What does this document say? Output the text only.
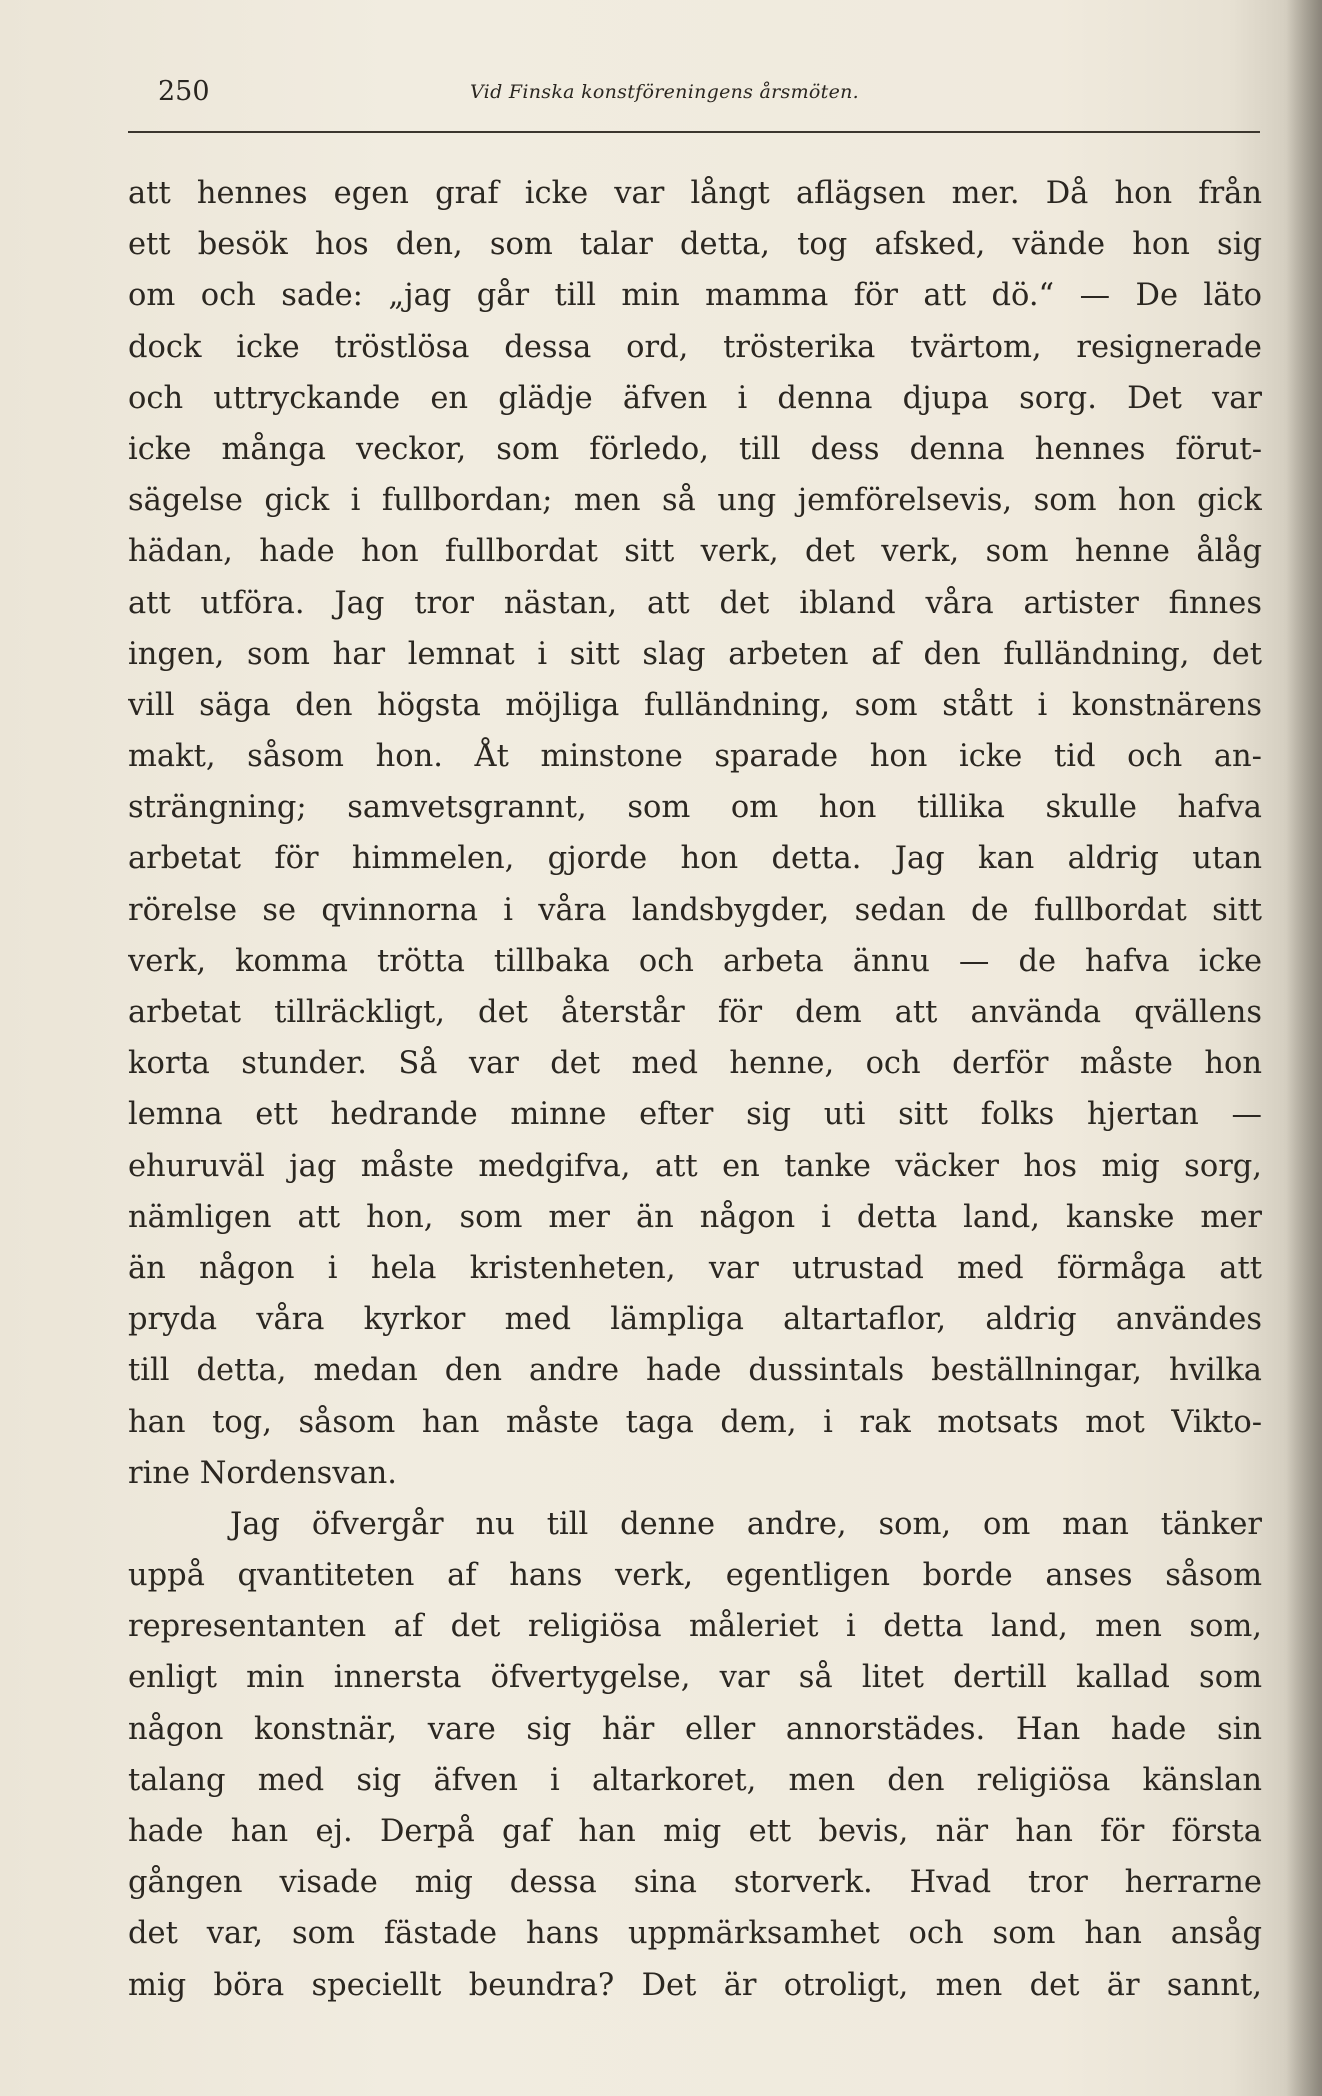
250	Vid Finska konstföreningens årsmöten.
att hennes egen graf icke var långt aflägsen mer. Då hon från
ett besök hos den, som talar detta, tog afsked, vände hon sig
om och sade: „jag går till min mamma för att dö.“ — De läto
dock icke tröstlösa dessa ord, trösterika tvärtom, resignerade
och uttryckande en glädje äfven i denna djupa sorg. Det var
icke många veckor, som förledo, till dess denna hennes förut-
sägelse gick i fullbordan; men så ung jemförelsevis, som hon gick
hädan, hade hon fullbordat sitt verk, det verk, som henne ålåg
att utföra. Jag tror nästan, att det ibland våra artister finnes
ingen, som har lemnat i sitt slag arbeten af den fulländning, det
vill säga den högsta möjliga fulländning, som stått i konstnärens
makt, såsom hon. Åt minstone sparade hon icke tid och an-
strängning; samvetsgrannt, som om hon tillika skulle hafva
arbetat för himmelen, gjorde hon detta. Jag kan aldrig utan
rörelse se qvinnorna i våra landsbygder, sedan de fullbordat sitt
verk, komma trötta tillbaka och arbeta ännu — de hafva icke
arbetat tillräckligt, det återstår för dem att använda qvällens
korta stunder. Så var det med henne, och derför måste hon
lemna ett hedrande minne efter sig uti sitt folks hjertan —
ehuruväl jag måste medgifva, att en tanke väcker hos mig sorg,
nämligen att hon, som mer än någon i detta land, kanske mer
än någon i hela kristenheten, var utrustad med förmåga att
pryda våra kyrkor med lämpliga altartaflor, aldrig användes
till detta, medan den andre hade dussintals beställningar, hvilka
han tog, såsom han måste taga dem, i rak motsats mot Vikto-
rine Nordensvan.
Jag öfvergår nu till denne andre, som, om man tänker
uppå qvantiteten af hans verk, egentligen borde anses såsom
representanten af det religiösa måleriet i detta land, men som,
enligt min innersta öfvertygelse, var så litet dertill kallad som
någon konstnär, vare sig här eller annorstädes. Han hade sin
talang med sig äfven i altarkoret, men den religiösa känslan
hade han ej. Derpå gaf han mig ett bevis, när han för första
gången visade mig dessa sina storverk. Hvad tror herrarne
det var, som fästade hans uppmärksamhet och som han ansåg
mig böra speciellt beundra? Det är otroligt, men det är sannt,
